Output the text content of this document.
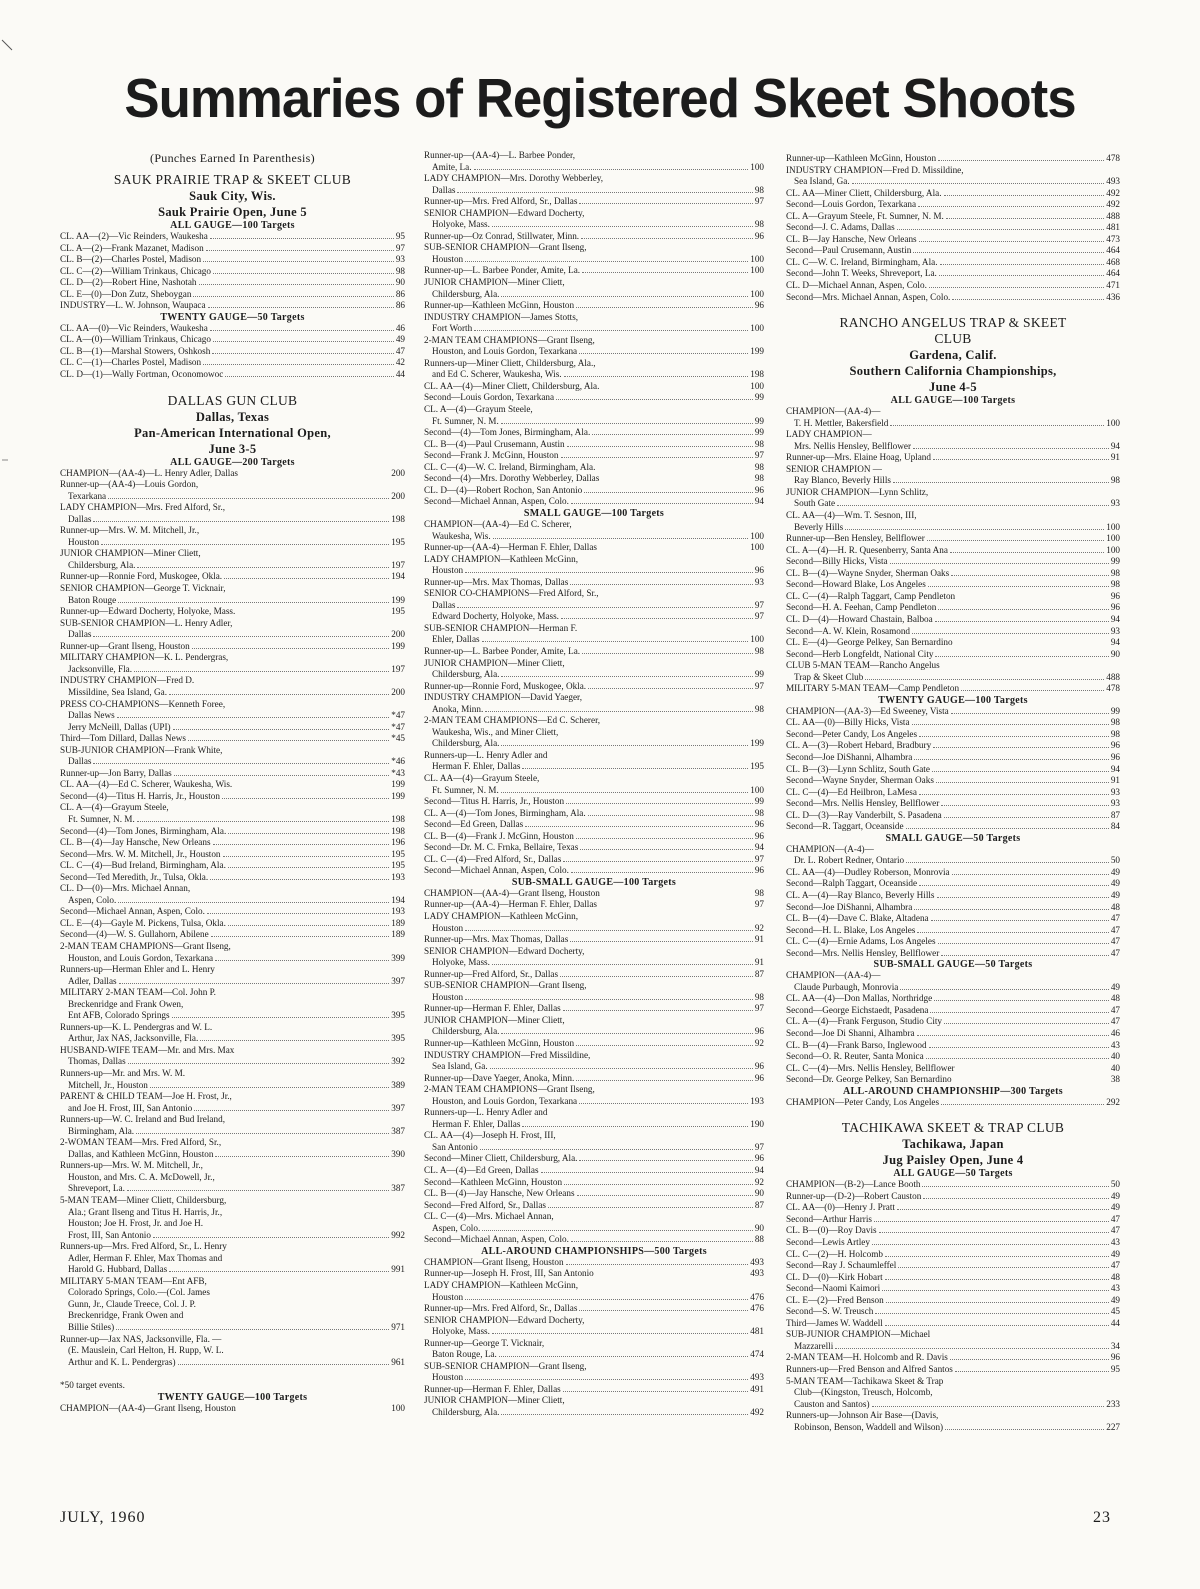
Summaries of Registered Skeet Shoots
(Punches Earned In Parenthesis)
SAUK PRAIRIE TRAP & SKEET CLUB
Sauk City, Wis.
Sauk Prairie Open, June 5
ALL GAUGE—100 Targets
CL. AA—(2)—Vic Reinders, Waukesha	95
CL. A—(2)—Frank Mazanet, Madison	97
CL. B—(2)—Charles Postel, Madison	93
CL. C—(2)—William Trinkaus, Chicago	98
CL. D—(2)—Robert Hine, Nashotah	90
CL. E—(0)—Don Zutz, Sheboygan	86
INDUSTRY—L. W. Johnson, Waupaca	86
TWENTY GAUGE—50 Targets
CL. AA—(0)—Vic Reinders, Waukesha	46
CL. A—(0)—William Trinkaus, Chicago	49
CL. B—(1)—Marshal Stowers, Oshkosh	47
CL. C—(1)—Charles Postel, Madison	42
CL. D—(1)—Wally Fortman, Oconomowoc	44
DALLAS GUN CLUB
Dallas, Texas
Pan-American International Open,
June 3-5
ALL GAUGE—200 Targets
CHAMPION—(AA-4)—L. Henry Adler, Dallas	200
Runner-up—(AA-4)—Louis Gordon,
Texarkana	200
LADY CHAMPION—Mrs. Fred Alford, Sr.,
Dallas	198
Runner-up—Mrs. W. M. Mitchell, Jr.,
Houston	195
JUNIOR CHAMPION—Miner Cliett,
Childersburg, Ala.	197
Runner-up—Ronnie Ford, Muskogee, Okla.	194
SENIOR CHAMPION—George T. Vicknair,
Baton Rouge	199
Runner-up—Edward Docherty, Holyoke, Mass.	195
SUB-SENIOR CHAMPION—L. Henry Adler,
Dallas	200
Runner-up—Grant Ilseng, Houston	199
MILITARY CHAMPION—K. L. Pendergras,
Jacksonville, Fla.	197
INDUSTRY CHAMPION—Fred D.
Missildine, Sea Island, Ga.	200
PRESS CO-CHAMPIONS—Kenneth Foree,
Dallas News	*47
Jerry McNeill, Dallas (UPI)	*47
Third—Tom Dillard, Dallas News	*45
SUB-JUNIOR CHAMPION—Frank White,
Dallas	*46
Runner-up—Jon Barry, Dallas	*43
CL. AA—(4)—Ed C. Scherer, Waukesha, Wis.	199
Second—(4)—Titus H. Harris, Jr., Houston	199
CL. A—(4)—Grayum Steele,
Ft. Sumner, N. M.	198
Second—(4)—Tom Jones, Birmingham, Ala.	198
CL. B—(4)—Jay Hansche, New Orleans	196
Second—Mrs. W. M. Mitchell, Jr., Houston	195
CL. C—(4)—Bud Ireland, Birmingham, Ala.	195
Second—Ted Meredith, Jr., Tulsa, Okla.	193
CL. D—(0)—Mrs. Michael Annan,
Aspen, Colo.	194
Second—Michael Annan, Aspen, Colo.	193
CL. E—(4)—Gayle M. Pickens, Tulsa, Okla.	189
Second—(4)—W. S. Gullahorn, Abilene	189
2-MAN TEAM CHAMPIONS—Grant Ilseng,
Houston, and Louis Gordon, Texarkana	399
Runners-up—Herman Ehler and L. Henry
Adler, Dallas	397
MILITARY 2-MAN TEAM—Col. John P.
Breckenridge and Frank Owen,
Ent AFB, Colorado Springs	395
Runners-up—K. L. Pendergras and W. L.
Arthur, Jax NAS, Jacksonville, Fla.	395
HUSBAND-WIFE TEAM—Mr. and Mrs. Max
Thomas, Dallas	392
Runners-up—Mr. and Mrs. W. M.
Mitchell, Jr., Houston	389
PARENT & CHILD TEAM—Joe H. Frost, Jr.,
and Joe H. Frost, III, San Antonio	397
Runners-up—W. C. Ireland and Bud Ireland,
Birmingham, Ala.	387
2-WOMAN TEAM—Mrs. Fred Alford, Sr.,
Dallas, and Kathleen McGinn, Houston	390
Runners-up—Mrs. W. M. Mitchell, Jr.,
Houston, and Mrs. C. A. McDowell, Jr.,
Shreveport, La.	387
5-MAN TEAM—Miner Cliett, Childersburg,
Ala.; Grant Ilseng and Titus H. Harris, Jr.,
Houston; Joe H. Frost, Jr. and Joe H.
Frost, III, San Antonio	992
Runners-up—Mrs. Fred Alford, Sr., L. Henry
Adler, Herman F. Ehler, Max Thomas and
Harold G. Hubbard, Dallas	991
MILITARY 5-MAN TEAM—Ent AFB,
Colorado Springs, Colo.—(Col. James
Gunn, Jr., Claude Treece, Col. J. P.
Breckenridge, Frank Owen and
Billie Stiles)	971
Runner-up—Jax NAS, Jacksonville, Fla. —
(E. Mauslein, Carl Helton, H. Rupp, W. L.
Arthur and K. L. Pendergras)	961
*50 target events.
TWENTY GAUGE—100 Targets
CHAMPION—(AA-4)—Grant Ilseng, Houston	100
Runner-up—(AA-4)—L. Barbee Ponder,
Amite, La.	100
LADY CHAMPION—Mrs. Dorothy Webberley,
Dallas	98
Runner-up—Mrs. Fred Alford, Sr., Dallas	97
SENIOR CHAMPION—Edward Docherty,
Holyoke, Mass.	98
Runner-up—Oz Conrad, Stillwater, Minn.	96
SUB-SENIOR CHAMPION—Grant Ilseng,
Houston	100
Runner-up—L. Barbee Ponder, Amite, La.	100
JUNIOR CHAMPION—Miner Cliett,
Childersburg, Ala.	100
Runner-up—Kathleen McGinn, Houston	96
INDUSTRY CHAMPION—James Stotts,
Fort Worth	100
2-MAN TEAM CHAMPIONS—Grant Ilseng,
Houston, and Louis Gordon, Texarkana	199
Runners-up—Miner Cliett, Childersburg, Ala.,
and Ed C. Scherer, Waukesha, Wis.	198
CL. AA—(4)—Miner Cliett, Childersburg, Ala.	100
Second—Louis Gordon, Texarkana	99
CL. A—(4)—Grayum Steele,
Ft. Sumner, N. M.	99
Second—(4)—Tom Jones, Birmingham, Ala.	99
CL. B—(4)—Paul Crusemann, Austin	98
Second—Frank J. McGinn, Houston	97
CL. C—(4)—W. C. Ireland, Birmingham, Ala.	98
Second—(4)—Mrs. Dorothy Webberley, Dallas	98
CL. D—(4)—Robert Rochon, San Antonio	96
Second—Michael Annan, Aspen, Colo.	94
SMALL GAUGE—100 Targets
CHAMPION—(AA-4)—Ed C. Scherer,
Waukesha, Wis.	100
Runner-up—(AA-4)—Herman F. Ehler, Dallas	100
LADY CHAMPION—Kathleen McGinn,
Houston	96
Runner-up—Mrs. Max Thomas, Dallas	93
SENIOR CO-CHAMPIONS—Fred Alford, Sr.,
Dallas	97
Edward Docherty, Holyoke, Mass.	97
SUB-SENIOR CHAMPION—Herman F.
Ehler, Dallas	100
Runner-up—L. Barbee Ponder, Amite, La.	98
JUNIOR CHAMPION—Miner Cliett,
Childersburg, Ala.	99
Runner-up—Ronnie Ford, Muskogee, Okla.	97
INDUSTRY CHAMPION—David Yaeger,
Anoka, Minn.	98
2-MAN TEAM CHAMPIONS—Ed C. Scherer,
Waukesha, Wis., and Miner Cliett,
Childersburg, Ala.	199
Runners-up—L. Henry Adler and
Herman F. Ehler, Dallas	195
CL. AA—(4)—Grayum Steele,
Ft. Sumner, N. M.	100
Second—Titus H. Harris, Jr., Houston	99
CL. A—(4)—Tom Jones, Birmingham, Ala.	98
Second—Ed Green, Dallas	96
CL. B—(4)—Frank J. McGinn, Houston	96
Second—Dr. M. C. Frnka, Bellaire, Texas	94
CL. C—(4)—Fred Alford, Sr., Dallas	97
Second—Michael Annan, Aspen, Colo.	96
SUB-SMALL GAUGE—100 Targets
CHAMPION—(AA-4)—Grant Ilseng, Houston	98
Runner-up—(AA-4)—Herman F. Ehler, Dallas	97
LADY CHAMPION—Kathleen McGinn,
Houston	92
Runner-up—Mrs. Max Thomas, Dallas	91
SENIOR CHAMPION—Edward Docherty,
Holyoke, Mass.	91
Runner-up—Fred Alford, Sr., Dallas	87
SUB-SENIOR CHAMPION—Grant Ilseng,
Houston	98
Runner-up—Herman F. Ehler, Dallas	97
JUNIOR CHAMPION—Miner Cliett,
Childersburg, Ala.	96
Runner-up—Kathleen McGinn, Houston	92
INDUSTRY CHAMPION—Fred Missildine,
Sea Island, Ga.	96
Runner-up—Dave Yaeger, Anoka, Minn.	96
2-MAN TEAM CHAMPIONS—Grant Ilseng,
Houston, and Louis Gordon, Texarkana	193
Runners-up—L. Henry Adler and
Herman F. Ehler, Dallas	190
CL. AA—(4)—Joseph H. Frost, III,
San Antonio	97
Second—Miner Cliett, Childersburg, Ala.	96
CL. A—(4)—Ed Green, Dallas	94
Second—Kathleen McGinn, Houston	92
CL. B—(4)—Jay Hansche, New Orleans	90
Second—Fred Alford, Sr., Dallas	87
CL. C—(4)—Mrs. Michael Annan,
Aspen, Colo.	90
Second—Michael Annan, Aspen, Colo.	88
ALL-AROUND CHAMPIONSHIPS—500 Targets
CHAMPION—Grant Ilseng, Houston	493
Runner-up—Joseph H. Frost, III, San Antonio	493
LADY CHAMPION—Kathleen McGinn,
Houston	476
Runner-up—Mrs. Fred Alford, Sr., Dallas	476
SENIOR CHAMPION—Edward Docherty,
Holyoke, Mass.	481
Runner-up—George T. Vicknair,
Baton Rouge, La.	474
SUB-SENIOR CHAMPION—Grant Ilseng,
Houston	493
Runner-up—Herman F. Ehler, Dallas	491
JUNIOR CHAMPION—Miner Cliett,
Childersburg, Ala.	492
Runner-up—Kathleen McGinn, Houston	478
INDUSTRY CHAMPION—Fred D. Missildine,
Sea Island, Ga.	493
CL. AA—Miner Cliett, Childersburg, Ala.	492
Second—Louis Gordon, Texarkana	492
CL. A—Grayum Steele, Ft. Sumner, N. M.	488
Second—J. C. Adams, Dallas	481
CL. B—Jay Hansche, New Orleans	473
Second—Paul Crusemann, Austin	464
CL. C—W. C. Ireland, Birmingham, Ala.	468
Second—John T. Weeks, Shreveport, La.	464
CL. D—Michael Annan, Aspen, Colo.	471
Second—Mrs. Michael Annan, Aspen, Colo.	436
RANCHO ANGELUS TRAP & SKEET
CLUB
Gardena, Calif.
Southern California Championships,
June 4-5
ALL GAUGE—100 Targets
CHAMPION—(AA-4)—
T. H. Mettler, Bakersfield	100
LADY CHAMPION—
Mrs. Nellis Hensley, Bellflower	94
Runner-up—Mrs. Elaine Hoag, Upland	91
SENIOR CHAMPION —
Ray Blanco, Beverly Hills	98
JUNIOR CHAMPION—Lynn Schlitz,
South Gate	93
CL. AA—(4)—Wm. T. Sesnon, III,
Beverly Hills	100
Runner-up—Ben Hensley, Bellflower	100
CL. A—(4)—H. R. Quesenberry, Santa Ana	100
Second—Billy Hicks, Vista	99
CL. B—(4)—Wayne Snyder, Sherman Oaks	98
Second—Howard Blake, Los Angeles	98
CL. C—(4)—Ralph Taggart, Camp Pendleton	96
Second—H. A. Feehan, Camp Pendleton	96
CL. D—(4)—Howard Chastain, Balboa	94
Second—A. W. Klein, Rosamond	93
CL. E—(4)—George Pelkey, San Bernardino	94
Second—Herb Longfeldt, National City	90
CLUB 5-MAN TEAM—Rancho Angelus
Trap & Skeet Club	488
MILITARY 5-MAN TEAM—Camp Pendleton	478
TWENTY GAUGE—100 Targets
CHAMPION—(AA-3)—Ed Sweeney, Vista	99
CL. AA—(0)—Billy Hicks, Vista	98
Second—Peter Candy, Los Angeles	98
CL. A—(3)—Robert Hebard, Bradbury	96
Second—Joe DiShanni, Alhambra	96
CL. B—(3)—Lynn Schlitz, South Gate	94
Second—Wayne Snyder, Sherman Oaks	91
CL. C—(4)—Ed Heilbron, LaMesa	93
Second—Mrs. Nellis Hensley, Bellflower	93
CL. D—(3)—Ray Vanderbilt, S. Pasadena	87
Second—R. Taggart, Oceanside	84
SMALL GAUGE—50 Targets
CHAMPION—(A-4)—
Dr. L. Robert Redner, Ontario	50
CL. AA—(4)—Dudley Roberson, Monrovia	49
Second—Ralph Taggart, Oceanside	49
CL. A—(4)—Ray Blanco, Beverly Hills	49
Second—Joe DiShanni, Alhambra	48
CL. B—(4)—Dave C. Blake, Altadena	47
Second—H. L. Blake, Los Angeles	47
CL. C—(4)—Ernie Adams, Los Angeles	47
Second—Mrs. Nellis Hensley, Bellflower	47
SUB-SMALL GAUGE—50 Targets
CHAMPION—(AA-4)—
Claude Purbaugh, Monrovia	49
CL. AA—(4)—Don Mallas, Northridge	48
Second—George Eichstaedt, Pasadena	47
CL. A—(4)—Frank Ferguson, Studio City	47
Second—Joe Di Shanni, Alhambra	46
CL. B—(4)—Frank Barso, Inglewood	43
Second—O. R. Reuter, Santa Monica	40
CL. C—(4)—Mrs. Nellis Hensley, Bellflower	40
Second—Dr. George Pelkey, San Bernardino	38
ALL-AROUND CHAMPIONSHIP—300 Targets
CHAMPION—Peter Candy, Los Angeles	292
TACHIKAWA SKEET & TRAP CLUB
Tachikawa, Japan
Jug Paisley Open, June 4
ALL GAUGE—50 Targets
CHAMPION—(B-2)—Lance Booth	50
Runner-up—(D-2)—Robert Causton	49
CL. AA—(0)—Henry J. Pratt	49
Second—Arthur Harris	47
CL. B—(0)—Roy Davis	47
Second—Lewis Artley	43
CL. C—(2)—H. Holcomb	49
Second—Ray J. Schaumleffel	47
CL. D—(0)—Kirk Hobart	48
Second—Naomi Kaimori	43
CL. E—(2)—Fred Benson	49
Second—S. W. Treusch	45
Third—James W. Waddell	44
SUB-JUNIOR CHAMPION—Michael
Mazzarelli	34
2-MAN TEAM—H. Holcomb and R. Davis	96
Runners-up—Fred Benson and Alfred Santos	95
5-MAN TEAM—Tachikawa Skeet & Trap
Club—(Kingston, Treusch, Holcomb,
Causton and Santos)	233
Runners-up—Johnson Air Base—(Davis,
Robinson, Benson, Waddell and Wilson)	227
JULY, 1960	23
